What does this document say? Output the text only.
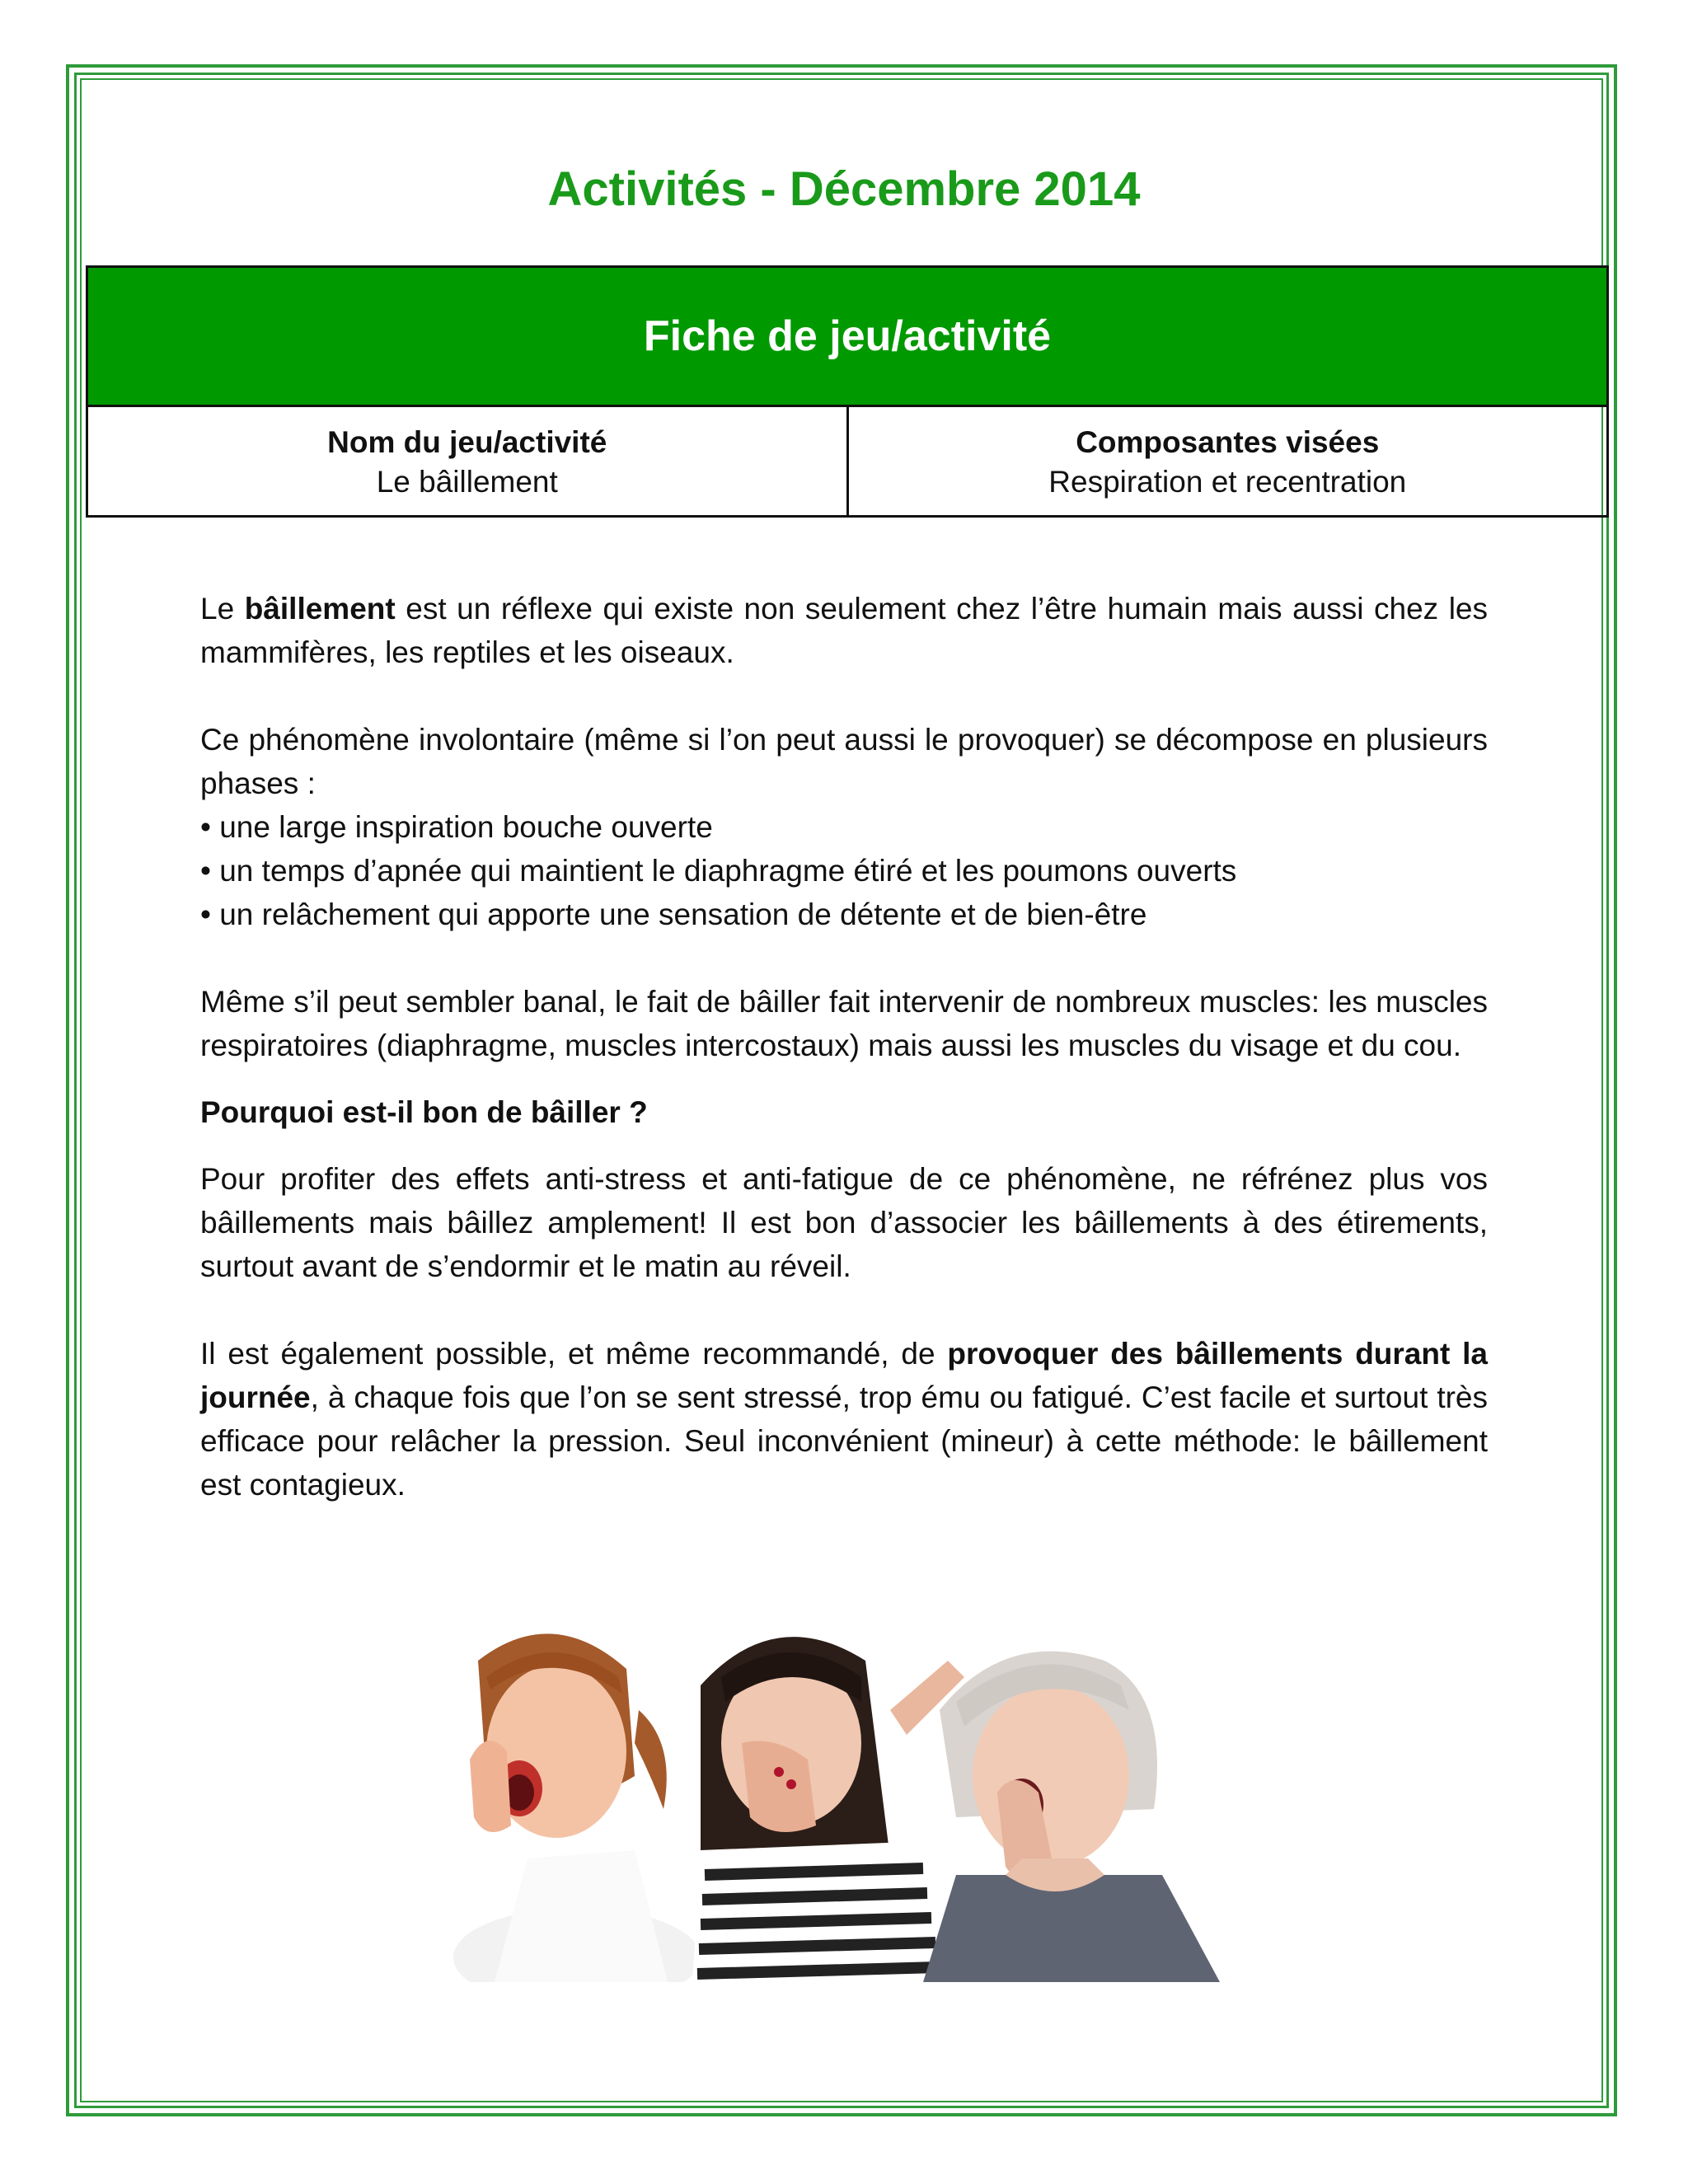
Activités - Décembre 2014
Fiche de jeu/activité
Nom du jeu/activité
Le bâillement
Composantes visées
Respiration et recentration

Le bâillement est un réflexe qui existe non seulement chez l’être humain mais aussi chez les mammifères, les reptiles et les oiseaux.

Ce phénomène involontaire (même si l’on peut aussi le provoquer) se décompose en plusieurs phases :

• une large inspiration bouche ouverte
• un temps d’apnée qui maintient le diaphragme étiré et les poumons ouverts
• un relâchement qui apporte une sensation de détente et de bien-être

Même s’il peut sembler banal, le fait de bâiller fait intervenir de nombreux muscles: les muscles respiratoires (diaphragme, muscles intercostaux) mais aussi les muscles du visage et du cou.

Pourquoi est-il bon de bâiller ?

Pour profiter des effets anti-stress et anti-fatigue de ce phénomène, ne réfrénez plus vos bâillements mais bâillez amplement! Il est bon d’associer les bâillements à des étirements, surtout avant de s’endormir et le matin au réveil.

Il est également possible, et même recommandé, de provoquer des bâillements durant la journée, à chaque fois que l’on se sent stressé, trop ému ou fatigué. C’est facile et surtout très efficace pour relâcher la pression. Seul inconvénient (mineur) à cette méthode: le bâillement est contagieux.
